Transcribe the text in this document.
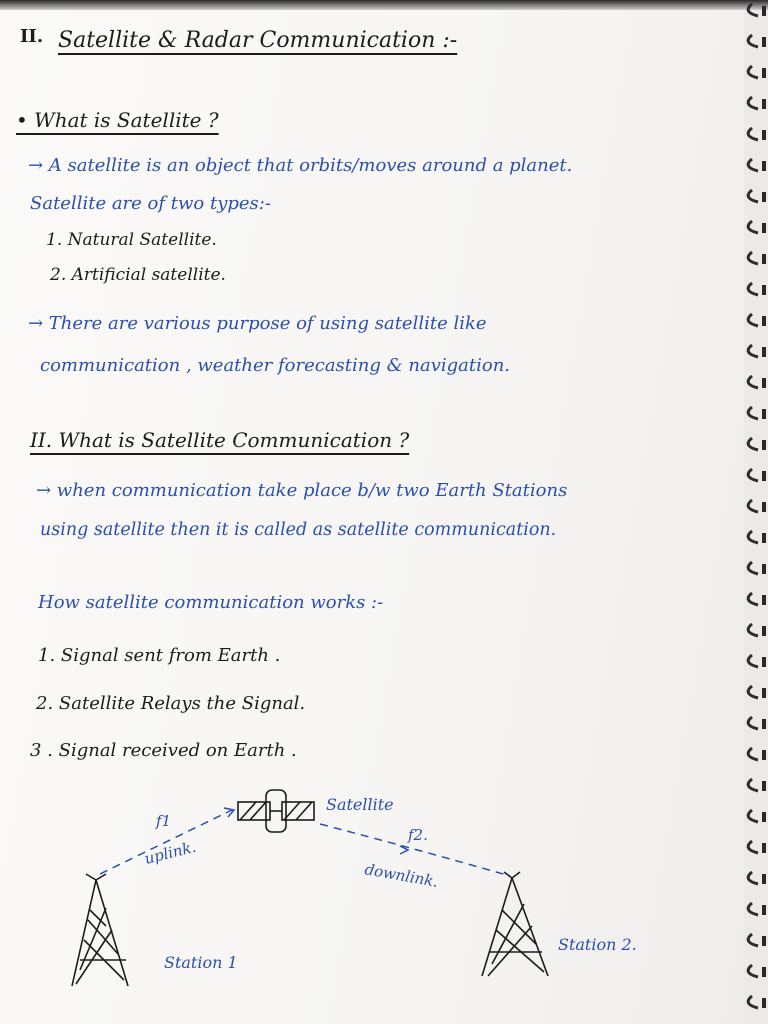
II. Satellite & Radar Communication :-
• What is Satellite ?
→ A satellite is an object that orbits/moves around a planet.
Satellite are of two types:-
1. Natural Satellite.
2. Artificial satellite.
→ There are various purpose of using satellite like
communication , weather forecasting & navigation.
II. What is Satellite Communication ?
→ when communication take place b/w two Earth Stations
using satellite then it is called as satellite communication.
How satellite communication works :-
1. Signal sent from Earth .
2. Satellite Relays the Signal.
3 . Signal received on Earth .
Satellite
f1
f2.
uplink.
downlink.
Station 1
Station 2.
